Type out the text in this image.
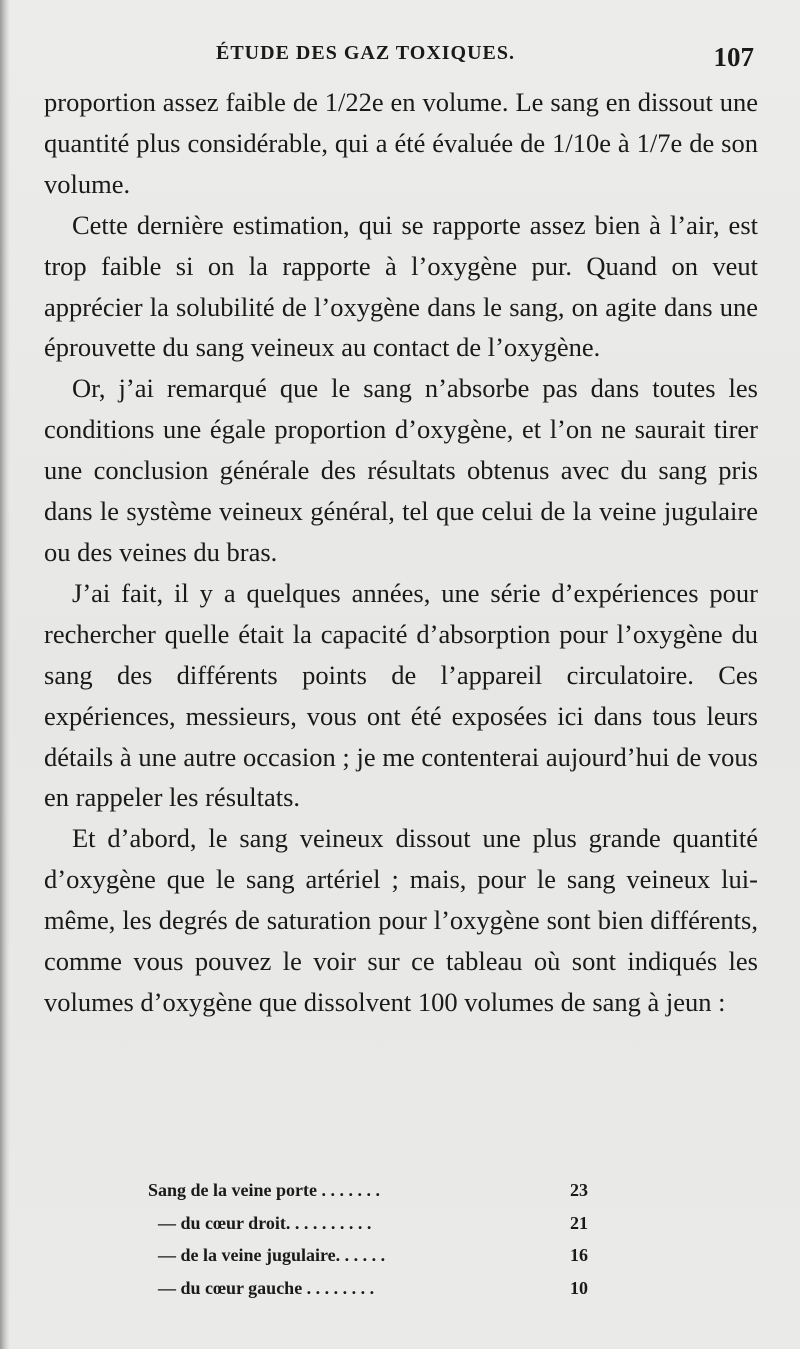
ÉTUDE DES GAZ TOXIQUES.	107

proportion assez faible de 1/22e en volume. Le sang en dissout une quantité plus considérable, qui a été évaluée de 1/10e à 1/7e de son volume.

Cette dernière estimation, qui se rapporte assez bien à l’air, est trop faible si on la rapporte à l’oxygène pur. Quand on veut apprécier la solubilité de l’oxygène dans le sang, on agite dans une éprouvette du sang veineux au contact de l’oxygène.

Or, j’ai remarqué que le sang n’absorbe pas dans toutes les conditions une égale proportion d’oxygène, et l’on ne saurait tirer une conclusion générale des résultats obtenus avec du sang pris dans le système veineux général, tel que celui de la veine jugulaire ou des veines du bras.

J’ai fait, il y a quelques années, une série d’expériences pour rechercher quelle était la capacité d’absorption pour l’oxygène du sang des différents points de l’appareil circulatoire. Ces expériences, messieurs, vous ont été exposées ici dans tous leurs détails à une autre occasion ; je me contenterai aujourd’hui de vous en rappeler les résultats.

Et d’abord, le sang veineux dissout une plus grande quantité d’oxygène que le sang artériel ; mais, pour le sang veineux lui-même, les degrés de saturation pour l’oxygène sont bien différents, comme vous pouvez le voir sur ce tableau où sont indiqués les volumes d’oxygène que dissolvent 100 volumes de sang à jeun :

Sang de la veine porte . . . . . . .	23
— du cœur droit. . . . . . . . . .	21
— de la veine jugulaire. . . . . .	16
— du cœur gauche . . . . . . . .	10
